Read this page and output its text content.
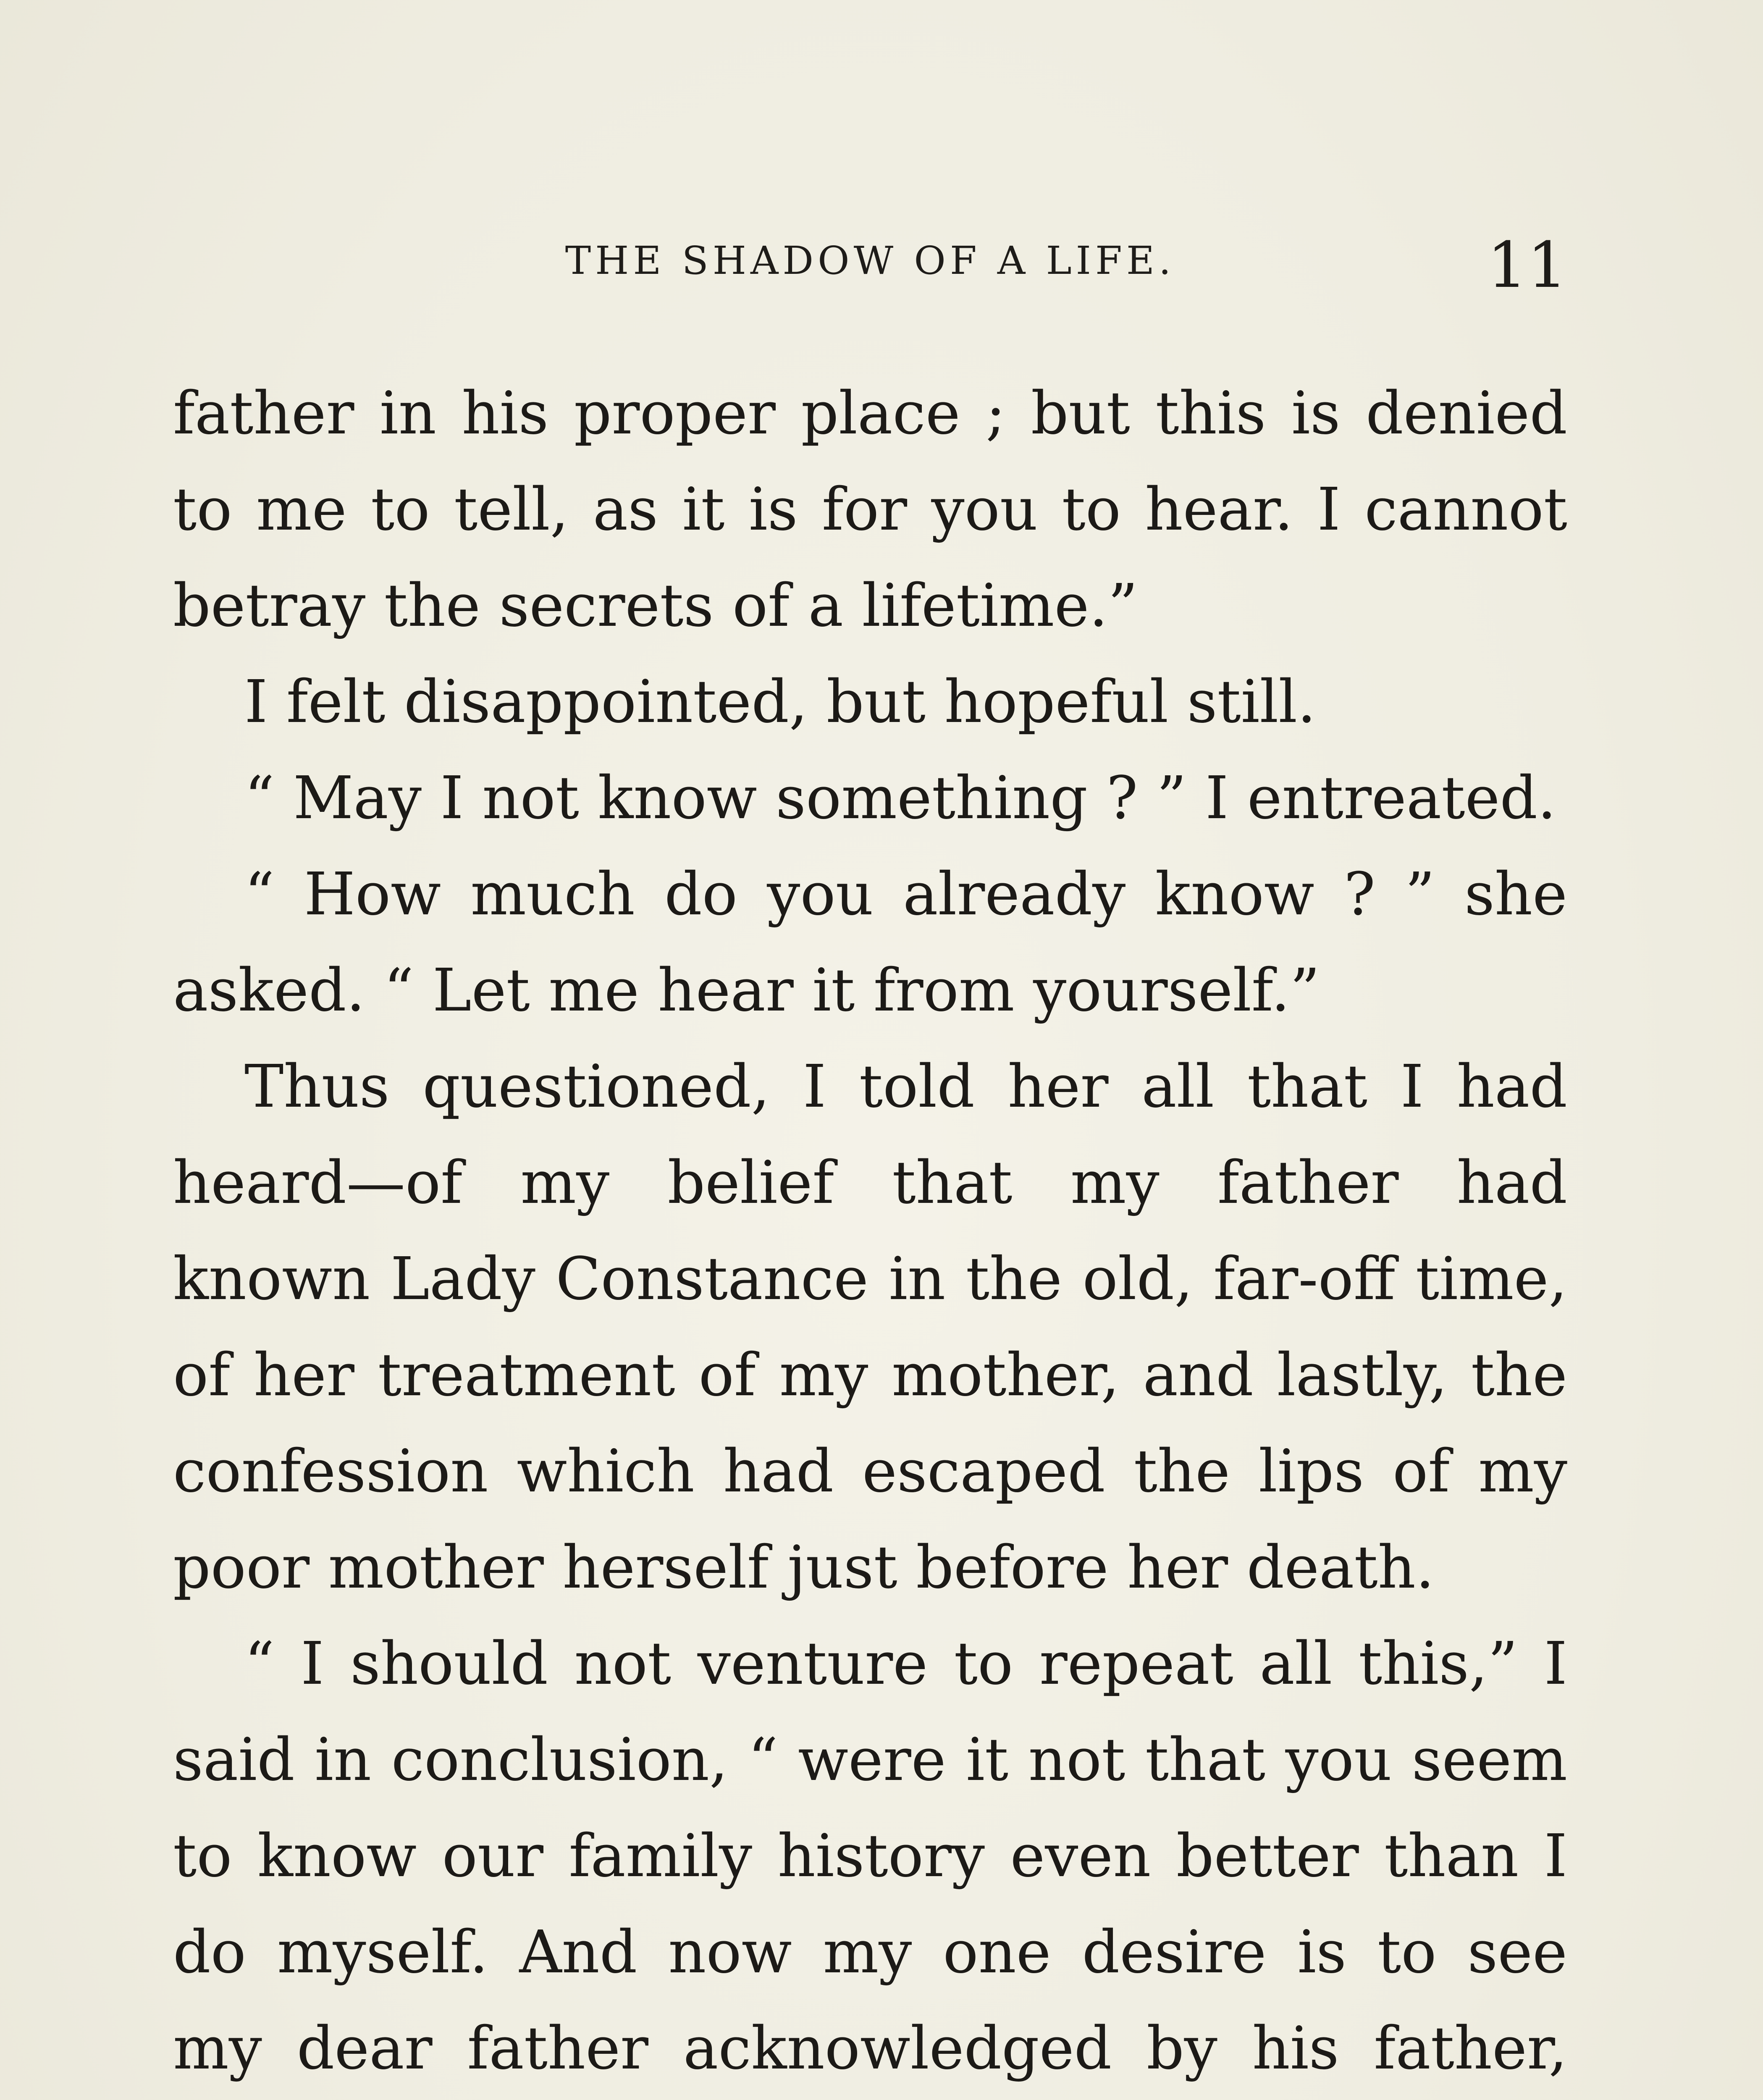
THE SHADOW OF A LIFE.	11
father in his proper place ; but this is denied
to me to tell, as it is for you to hear. I cannot
betray the secrets of a lifetime.”
I felt disappointed, but hopeful still.
“ May I not know something ? ” I entreated.
“ How much do you already know ? ” she
asked. “ Let me hear it from yourself.”
Thus questioned, I told her all that I had
heard—of my belief that my father had
known Lady Constance in the old, far-off time,
of her treatment of my mother, and lastly, the
confession which had escaped the lips of my
poor mother herself just before her death.
“ I should not venture to repeat all this,” I
said in conclusion, “ were it not that you seem
to know our family history even better than I
do myself. And now my one desire is to see
my dear father acknowledged by his father,
